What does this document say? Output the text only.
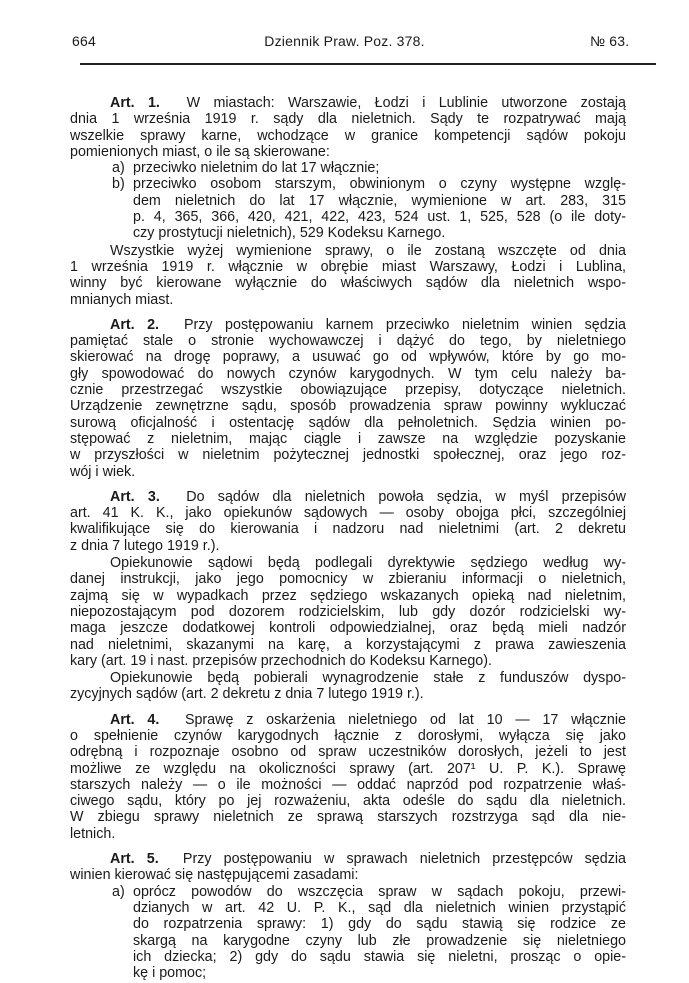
664	Dziennik Praw. Poz. 378.	№ 63.
Art. 1.  W miastach: Warszawie, Łodzi i Lublinie utworzone zostają
dnia 1 września 1919 r. sądy dla nieletnich. Sądy te rozpatrywać mają
wszelkie sprawy karne, wchodzące w granice kompetencji sądów pokoju
pomienionych miast, o ile są skierowane:
a) przeciwko nieletnim do lat 17 włącznie;
b) przeciwko osobom starszym, obwinionym o czyny występne wzglę-
dem nieletnich do lat 17 włącznie, wymienione w art. 283, 315
p. 4, 365, 366, 420, 421, 422, 423, 524 ust. 1, 525, 528 (o ile doty-
czy prostytucji nieletnich), 529 Kodeksu Karnego.
Wszystkie wyżej wymienione sprawy, o ile zostaną wszczęte od dnia
1 września 1919 r. włącznie w obrębie miast Warszawy, Łodzi i Lublina,
winny być kierowane wyłącznie do właściwych sądów dla nieletnich wspo-
mnianych miast.
Art. 2.  Przy postępowaniu karnem przeciwko nieletnim winien sędzia
pamiętać stale o stronie wychowawczej i dążyć do tego, by nieletniego
skierować na drogę poprawy, a usuwać go od wpływów, które by go mo-
gły spowodować do nowych czynów karygodnych. W tym celu należy ba-
cznie przestrzegać wszystkie obowiązujące przepisy, dotyczące nieletnich.
Urządzenie zewnętrzne sądu, sposób prowadzenia spraw powinny wykluczać
surową oficjalność i ostentację sądów dla pełnoletnich. Sędzia winien po-
stępować z nieletnim, mając ciągle i zawsze na względzie pozyskanie
w przyszłości w nieletnim pożytecznej jednostki społecznej, oraz jego roz-
wój i wiek.
Art. 3.  Do sądów dla nieletnich powoła sędzia, w myśl przepisów
art. 41 K. K., jako opiekunów sądowych — osoby obojga płci, szczególniej
kwalifikujące się do kierowania i nadzoru nad nieletnimi (art. 2 dekretu
z dnia 7 lutego 1919 r.).
Opiekunowie sądowi będą podlegali dyrektywie sędziego według wy-
danej instrukcji, jako jego pomocnicy w zbieraniu informacji o nieletnich,
zajmą się w wypadkach przez sędziego wskazanych opieką nad nieletnim,
niepozostającym pod dozorem rodzicielskim, lub gdy dozór rodzicielski wy-
maga jeszcze dodatkowej kontroli odpowiedzialnej, oraz będą mieli nadzór
nad nieletnimi, skazanymi na karę, a korzystającymi z prawa zawieszenia
kary (art. 19 i nast. przepisów przechodnich do Kodeksu Karnego).
Opiekunowie będą pobierali wynagrodzenie stałe z funduszów dyspo-
zycyjnych sądów (art. 2 dekretu z dnia 7 lutego 1919 r.).
Art. 4.  Sprawę z oskarżenia nieletniego od lat 10 — 17 włącznie
o spełnienie czynów karygodnych łącznie z dorosłymi, wyłącza się jako
odrębną i rozpoznaje osobno od spraw uczestników dorosłych, jeżeli to jest
możliwe ze względu na okoliczności sprawy (art. 207¹ U. P. K.). Sprawę
starszych należy — o ile możności — oddać naprzód pod rozpatrzenie właś-
ciwego sądu, który po jej rozważeniu, akta odeśle do sądu dla nieletnich.
W zbiegu sprawy nieletnich ze sprawą starszych rozstrzyga sąd dla nie-
letnich.
Art. 5.  Przy postępowaniu w sprawach nieletnich przestępców sędzia
winien kierować się następującemi zasadami:
a) oprócz powodów do wszczęcia spraw w sądach pokoju, przewi-
dzianych w art. 42 U. P. K., sąd dla nieletnich winien przystąpić
do rozpatrzenia sprawy: 1) gdy do sądu stawią się rodzice ze
skargą na karygodne czyny lub złe prowadzenie się nieletniego
ich dziecka; 2) gdy do sądu stawia się nieletni, prosząc o opie-
kę i pomoc;
